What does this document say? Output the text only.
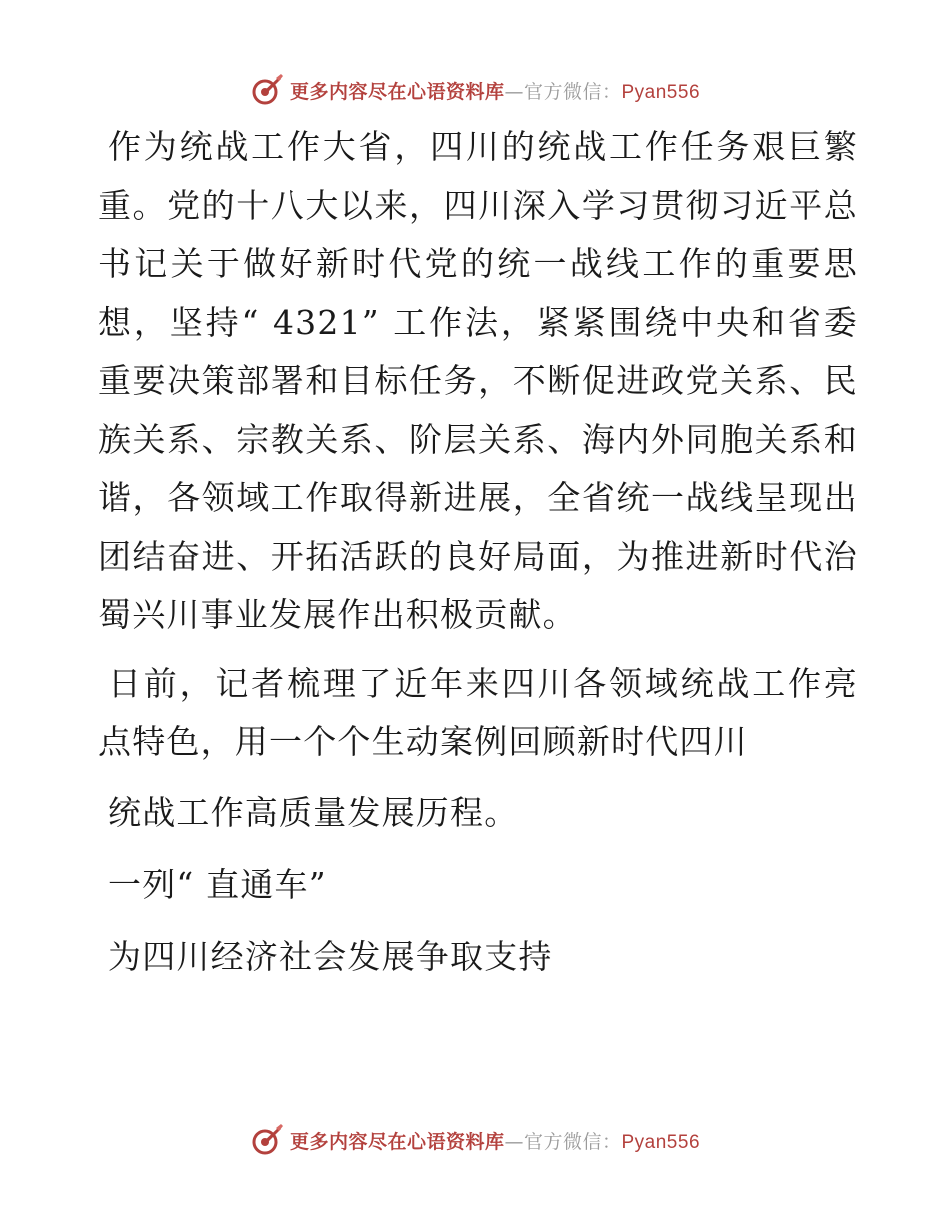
更多内容尽在心语资料库 — 官方微信： Pyan556

作为统战工作大省，四川的统战工作任务艰巨繁重。党的十八大以来，四川深入学习贯彻习近平总书记关于做好新时代党的统一战线工作的重要思想，坚持“ 4321” 工作法，紧紧围绕中央和省委重要决策部署和目标任务，不断促进政党关系、民族关系、宗教关系、阶层关系、海内外同胞关系和谐，各领域工作取得新进展，全省统一战线呈现出团结奋进、开拓活跃的良好局面，为推进新时代治蜀兴川事业发展作出积极贡献。

日前，记者梳理了近年来四川各领域统战工作亮点特色，用一个个生动案例回顾新时代四川

统战工作高质量发展历程。

一列“ 直通车”

为四川经济社会发展争取支持

更多内容尽在心语资料库 — 官方微信： Pyan556
